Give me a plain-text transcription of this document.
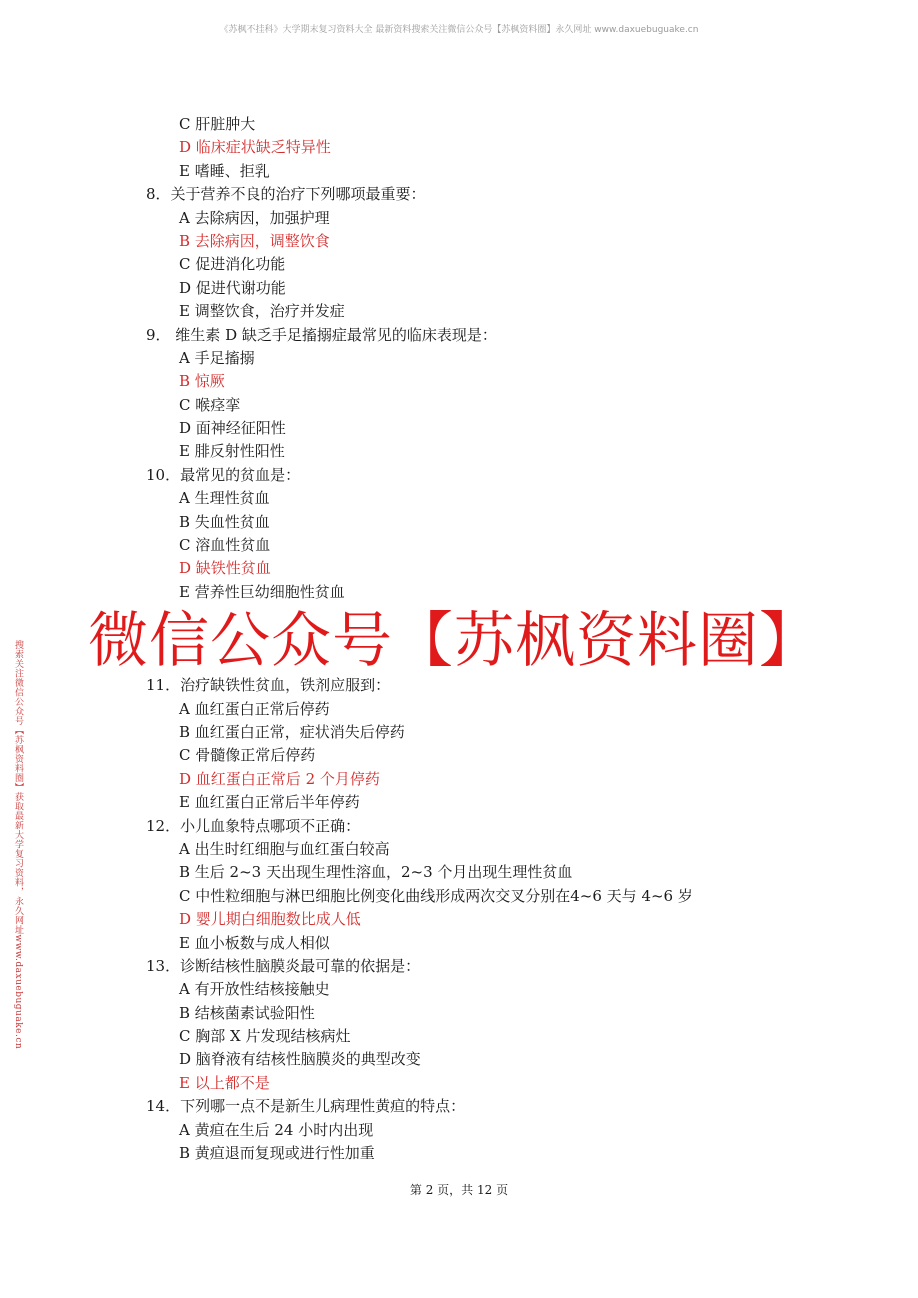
《苏枫不挂科》大学期末复习资料大全 最新资料搜索关注微信公众号【苏枫资料圈】永久网址 www.daxuebuguake.cn
搜索关注微信公众号【苏枫资料圈】获取最新大学复习资料，永久网址www.daxuebuguake.cn
C 肝脏肿大
D 临床症状缺乏特异性
E 嗜睡、拒乳
8．关于营养不良的治疗下列哪项最重要：
A 去除病因，加强护理
B 去除病因，调整饮食
C 促进消化功能
D 促进代谢功能
E 调整饮食，治疗并发症
9． 维生素 D 缺乏手足搐搦症最常见的临床表现是：
A 手足搐搦
B 惊厥
C 喉痉挛
D 面神经征阳性
E 腓反射性阳性
10．最常见的贫血是：
A 生理性贫血
B 失血性贫血
C 溶血性贫血
D 缺铁性贫血
E 营养性巨幼细胞性贫血
11．治疗缺铁性贫血，铁剂应服到：
A 血红蛋白正常后停药
B 血红蛋白正常，症状消失后停药
C 骨髓像正常后停药
D 血红蛋白正常后 2 个月停药
E 血红蛋白正常后半年停药
12．小儿血象特点哪项不正确：
A 出生时红细胞与血红蛋白较高
B 生后 2~3 天出现生理性溶血，2~3 个月出现生理性贫血
C 中性粒细胞与淋巴细胞比例变化曲线形成两次交叉分别在4~6 天与 4~6 岁
D 婴儿期白细胞数比成人低
E 血小板数与成人相似
13．诊断结核性脑膜炎最可靠的依据是：
A 有开放性结核接触史
B 结核菌素试验阳性
C 胸部 X 片发现结核病灶
D 脑脊液有结核性脑膜炎的典型改变
E 以上都不是
14．下列哪一点不是新生儿病理性黄疸的特点：
A 黄疸在生后 24 小时内出现
B 黄疸退而复现或进行性加重
微信公众号【苏枫资料圈】
第 2 页，共 12 页
